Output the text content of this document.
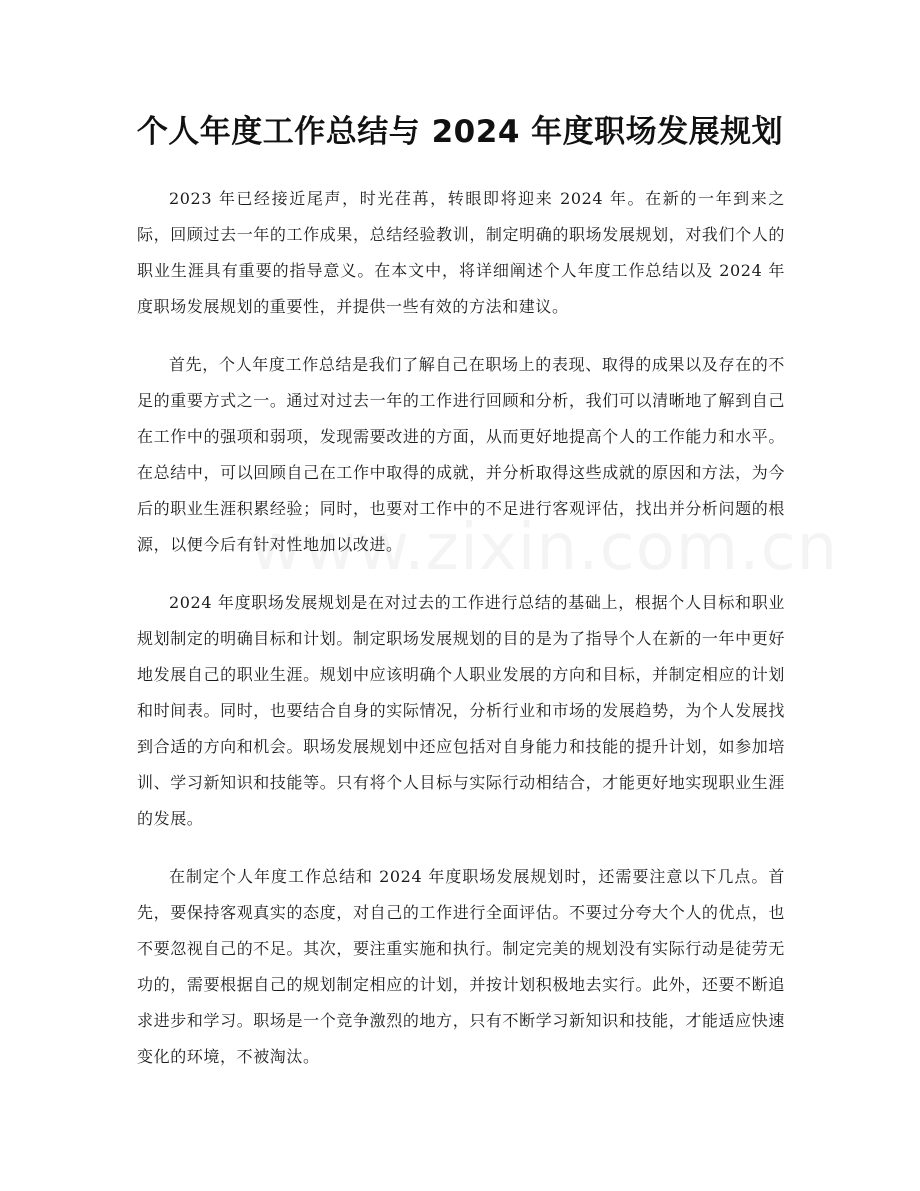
个人年度工作总结与 2024 年度职场发展规划

2023 年已经接近尾声，时光荏苒，转眼即将迎来 2024 年。在新的一年到来之际，回顾过去一年的工作成果，总结经验教训，制定明确的职场发展规划，对我们个人的职业生涯具有重要的指导意义。在本文中，将详细阐述个人年度工作总结以及 2024 年度职场发展规划的重要性，并提供一些有效的方法和建议。

首先，个人年度工作总结是我们了解自己在职场上的表现、取得的成果以及存在的不足的重要方式之一。通过对过去一年的工作进行回顾和分析，我们可以清晰地了解到自己在工作中的强项和弱项，发现需要改进的方面，从而更好地提高个人的工作能力和水平。在总结中，可以回顾自己在工作中取得的成就，并分析取得这些成就的原因和方法，为今后的职业生涯积累经验；同时，也要对工作中的不足进行客观评估，找出并分析问题的根源，以便今后有针对性地加以改进。

2024 年度职场发展规划是在对过去的工作进行总结的基础上，根据个人目标和职业规划制定的明确目标和计划。制定职场发展规划的目的是为了指导个人在新的一年中更好地发展自己的职业生涯。规划中应该明确个人职业发展的方向和目标，并制定相应的计划和时间表。同时，也要结合自身的实际情况，分析行业和市场的发展趋势，为个人发展找到合适的方向和机会。职场发展规划中还应包括对自身能力和技能的提升计划，如参加培训、学习新知识和技能等。只有将个人目标与实际行动相结合，才能更好地实现职业生涯的发展。

在制定个人年度工作总结和 2024 年度职场发展规划时，还需要注意以下几点。首先，要保持客观真实的态度，对自己的工作进行全面评估。不要过分夸大个人的优点，也不要忽视自己的不足。其次，要注重实施和执行。制定完美的规划没有实际行动是徒劳无功的，需要根据自己的规划制定相应的计划，并按计划积极地去实行。此外，还要不断追求进步和学习。职场是一个竞争激烈的地方，只有不断学习新知识和技能，才能适应快速变化的环境，不被淘汰。
